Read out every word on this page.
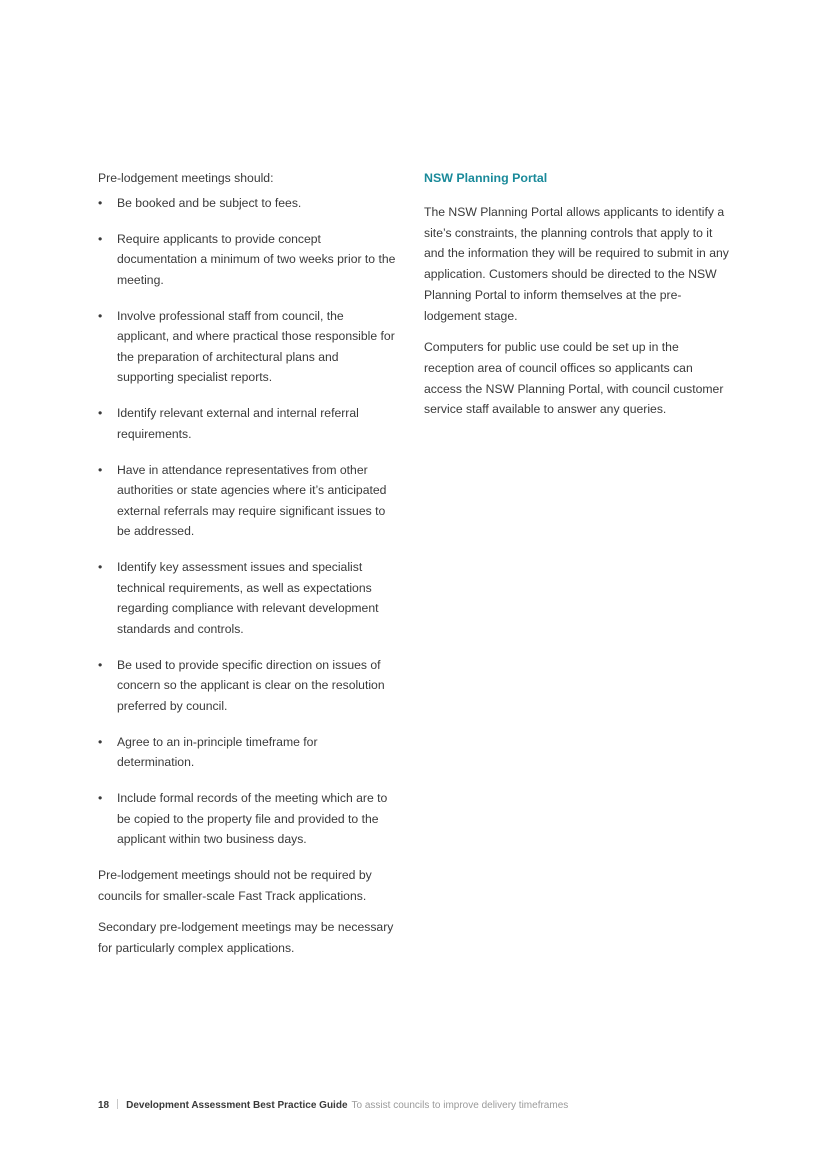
Pre-lodgement meetings should:

•	Be booked and be subject to fees.
•	Require applicants to provide concept documentation a minimum of two weeks prior to the meeting.
•	Involve professional staff from council, the applicant, and where practical those responsible for the preparation of architectural plans and supporting specialist reports.
•	Identify relevant external and internal referral requirements.
•	Have in attendance representatives from other authorities or state agencies where it’s anticipated external referrals may require significant issues to be addressed.
•	Identify key assessment issues and specialist technical requirements, as well as expectations regarding compliance with relevant development standards and controls.
•	Be used to provide specific direction on issues of concern so the applicant is clear on the resolution preferred by council.
•	Agree to an in-principle timeframe for determination.
•	Include formal records of the meeting which are to be copied to the property file and provided to the applicant within two business days.

Pre-lodgement meetings should not be required by councils for smaller-scale Fast Track applications.

Secondary pre-lodgement meetings may be necessary for particularly complex applications.

NSW Planning Portal

The NSW Planning Portal allows applicants to identify a site’s constraints, the planning controls that apply to it and the information they will be required to submit in any application. Customers should be directed to the NSW Planning Portal to inform themselves at the pre-lodgement stage.

Computers for public use could be set up in the reception area of council offices so applicants can access the NSW Planning Portal, with council customer service staff available to answer any queries.

18 Development Assessment Best Practice Guide To assist councils to improve delivery timeframes
